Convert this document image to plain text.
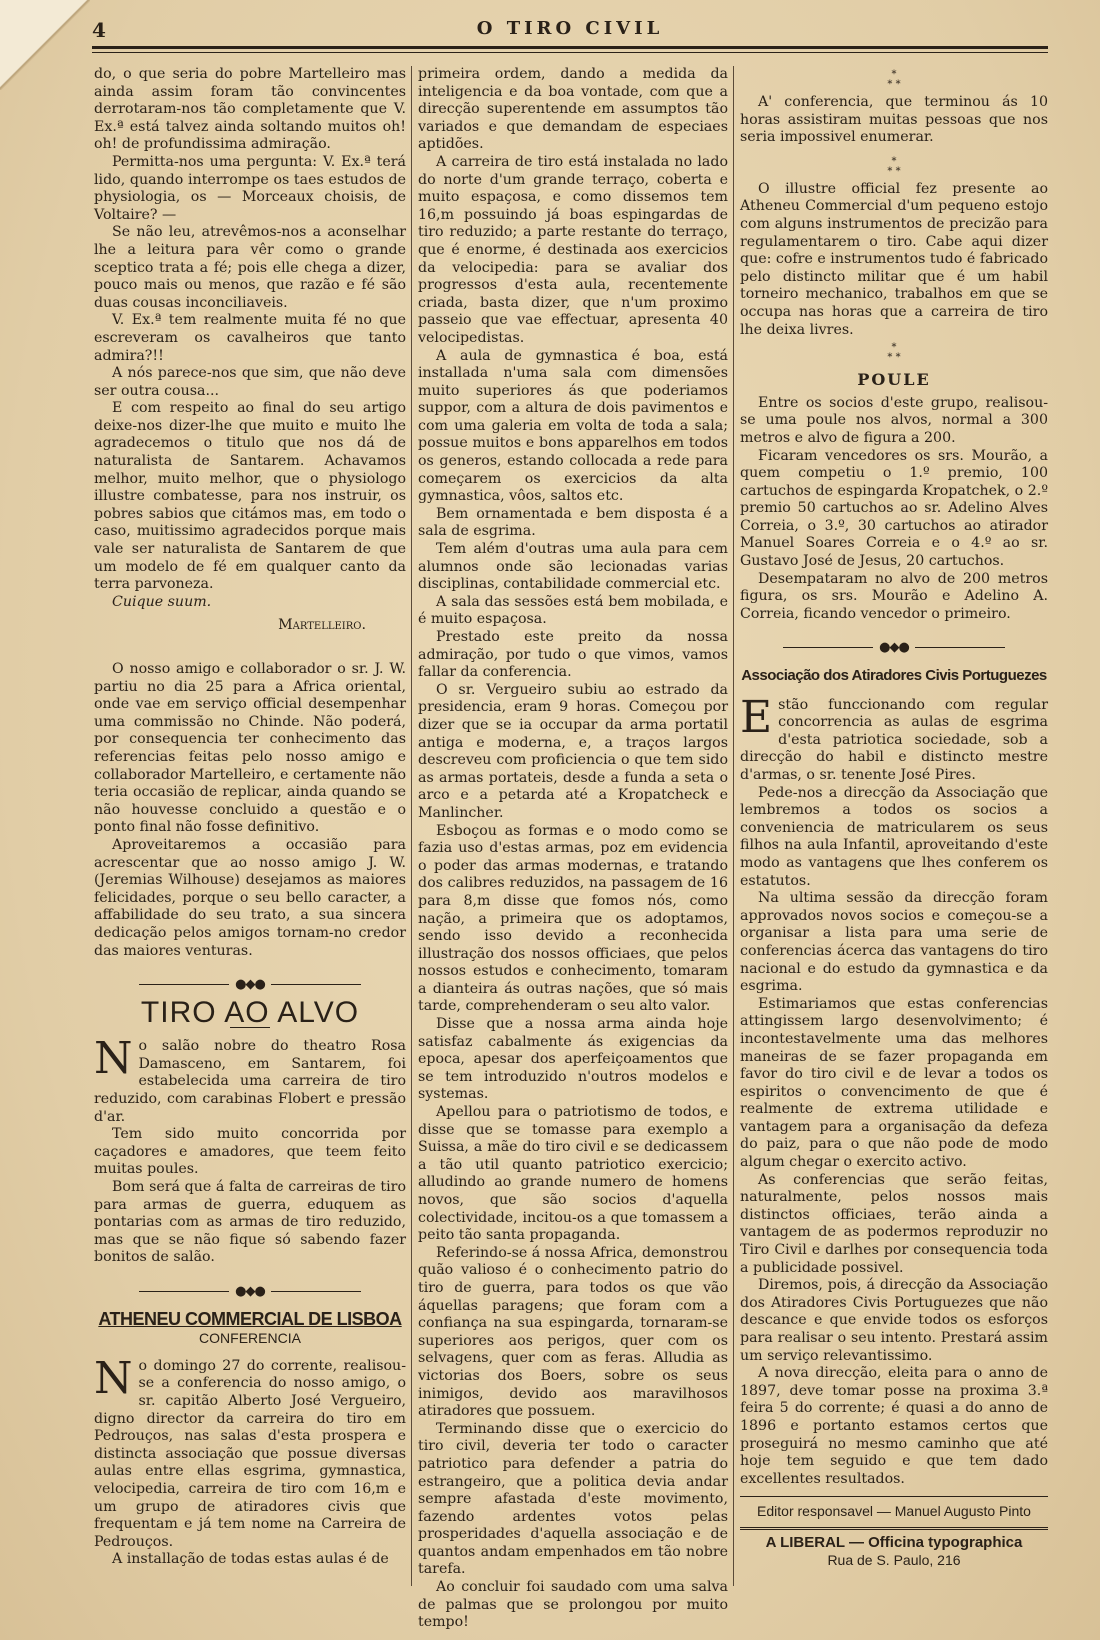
4	O TIRO CIVIL

do, o que seria do pobre Martelleiro mas ainda assim foram tão convincentes derrotaram-nos tão completamente que V. Ex.ª está talvez ainda soltando muitos oh! oh! de profundissima admiração.

Permitta-nos uma pergunta: V. Ex.ª terá lido, quando interrompe os taes estudos de physiologia, os — Morceaux choisis, de Voltaire? —

Se não leu, atrevêmos-nos a aconselhar lhe a leitura para vêr como o grande sceptico trata a fé; pois elle chega a dizer, pouco mais ou menos, que razão e fé são duas cousas inconciliaveis.

V. Ex.ª tem realmente muita fé no que escreveram os cavalheiros que tanto admira?!!

A nós parece-nos que sim, que não deve ser outra cousa...

E com respeito ao final do seu artigo deixe-nos dizer-lhe que muito e muito lhe agradecemos o titulo que nos dá de naturalista de Santarem. Achavamos melhor, muito melhor, que o physiologo illustre combatesse, para nos instruir, os pobres sabios que citámos mas, em todo o caso, muitissimo agradecidos porque mais vale ser naturalista de Santarem de que um modelo de fé em qualquer canto da terra parvoneza.

Cuique suum.

Martelleiro.

O nosso amigo e collaborador o sr. J. W. partiu no dia 25 para a Africa oriental, onde vae em serviço official desempenhar uma commissão no Chinde. Não poderá, por consequencia ter conhecimento das referencias feitas pelo nosso amigo e collaborador Martelleiro, e certamente não teria occasião de replicar, ainda quando se não houvesse concluido a questão e o ponto final não fosse definitivo.

Aproveitaremos a occasião para acrescentar que ao nosso amigo J. W. (Jeremias Wilhouse) desejamos as maiores felicidades, porque o seu bello caracter, a affabilidade do seu trato, a sua sincera dedicação pelos amigos tornam-no credor das maiores venturas.

●◆●
TIRO AO ALVO

No salão nobre do theatro Rosa Damasceno, em Santarem, foi estabelecida uma carreira de tiro reduzido, com carabinas Flobert e pressão d'ar.

Tem sido muito concorrida por caçadores e amadores, que teem feito muitas poules.

Bom será que á falta de carreiras de tiro para armas de guerra, eduquem as pontarias com as armas de tiro reduzido, mas que se não fique só sabendo fazer bonitos de salão.

●◆●
ATHENEU COMMERCIAL DE LISBOA
CONFERENCIA

No domingo 27 do corrente, realisou-se a conferencia do nosso amigo, o sr. capitão Alberto José Vergueiro, digno director da carreira do tiro em Pedrouços, nas salas d'esta prospera e distincta associação que possue diversas aulas entre ellas esgrima, gymnastica, velocipedia, carreira de tiro com 16,m e um grupo de atiradores civis que frequentam e já tem nome na Carreira de Pedrouços.

A installação de todas estas aulas é de

primeira ordem, dando a medida da inteligencia e da boa vontade, com que a direcção superentende em assumptos tão variados e que demandam de especiaes aptidões.

A carreira de tiro está instalada no lado do norte d'um grande terraço, coberta e muito espaçosa, e como dissemos tem 16,m possuindo já boas espingardas de tiro reduzido; a parte restante do terraço, que é enorme, é destinada aos exercicios da velocipedia: para se avaliar dos progressos d'esta aula, recentemente criada, basta dizer, que n'um proximo passeio que vae effectuar, apresenta 40 velocipedistas.

A aula de gymnastica é boa, está installada n'uma sala com dimensões muito superiores ás que poderiamos suppor, com a altura de dois pavimentos e com uma galeria em volta de toda a sala; possue muitos e bons apparelhos em todos os generos, estando collocada a rede para começarem os exercicios da alta gymnastica, vôos, saltos etc.

Bem ornamentada e bem disposta é a sala de esgrima.

Tem além d'outras uma aula para cem alumnos onde são lecionadas varias disciplinas, contabilidade commercial etc.

A sala das sessões está bem mobilada, e é muito espaçosa.

Prestado este preito da nossa admiração, por tudo o que vimos, vamos fallar da conferencia.

O sr. Vergueiro subiu ao estrado da presidencia, eram 9 horas. Começou por dizer que se ia occupar da arma portatil antiga e moderna, e, a traços largos descreveu com proficiencia o que tem sido as armas portateis, desde a funda a seta o arco e a petarda até a Kropatcheck e Manlincher.

Esboçou as formas e o modo como se fazia uso d'estas armas, poz em evidencia o poder das armas modernas, e tratando dos calibres reduzidos, na passagem de 16 para 8,m disse que fomos nós, como nação, a primeira que os adoptamos, sendo isso devido a reconhecida illustração dos nossos officiaes, que pelos nossos estudos e conhecimento, tomaram a dianteira ás outras nações, que só mais tarde, comprehenderam o seu alto valor.

Disse que a nossa arma ainda hoje satisfaz cabalmente ás exigencias da epoca, apesar dos aperfeiçoamentos que se tem introduzido n'outros modelos e systemas.

Apellou para o patriotismo de todos, e disse que se tomasse para exemplo a Suissa, a mãe do tiro civil e se dedicassem a tão util quanto patriotico exercicio; alludindo ao grande numero de homens novos, que são socios d'aquella colectividade, incitou-os a que tomassem a peito tão santa propaganda.

Referindo-se á nossa Africa, demonstrou quão valioso é o conhecimento patrio do tiro de guerra, para todos os que vão áquellas paragens; que foram com a confiança na sua espingarda, tornaram-se superiores aos perigos, quer com os selvagens, quer com as feras. Alludia as victorias dos Boers, sobre os seus inimigos, devido aos maravilhosos atiradores que possuem.

Terminando disse que o exercicio do tiro civil, deveria ter todo o caracter patriotico para defender a patria do estrangeiro, que a politica devia andar sempre afastada d'este movimento, fazendo ardentes votos pelas prosperidades d'aquella associação e de quantos andam empenhados em tão nobre tarefa.

Ao concluir foi saudado com uma salva de palmas que se prolongou por muito tempo!

*
* *

A' conferencia, que terminou ás 10 horas assistiram muitas pessoas que nos seria impossivel enumerar.

*
* *

O illustre official fez presente ao Atheneu Commercial d'um pequeno estojo com alguns instrumentos de precizão para regulamentarem o tiro. Cabe aqui dizer que: cofre e instrumentos tudo é fabricado pelo distincto militar que é um habil torneiro mechanico, trabalhos em que se occupa nas horas que a carreira de tiro lhe deixa livres.

*
* *
POULE

Entre os socios d'este grupo, realisou-se uma poule nos alvos, normal a 300 metros e alvo de figura a 200.

Ficaram vencedores os srs. Mourão, a quem competiu o 1.º premio, 100 cartuchos de espingarda Kropatchek, o 2.º premio 50 cartuchos ao sr. Adelino Alves Correia, o 3.º, 30 cartuchos ao atirador Manuel Soares Correia e o 4.º ao sr. Gustavo José de Jesus, 20 cartuchos.

Desempataram no alvo de 200 metros figura, os srs. Mourão e Adelino A. Correia, ficando vencedor o primeiro.

●◆●
Associação dos Atiradores Civis Portuguezes

Estão funccionando com regular concorrencia as aulas de esgrima d'esta patriotica sociedade, sob a direcção do habil e distincto mestre d'armas, o sr. tenente José Pires.

Pede-nos a direcção da Associação que lembremos a todos os socios a conveniencia de matricularem os seus filhos na aula Infantil, aproveitando d'este modo as vantagens que lhes conferem os estatutos.

Na ultima sessão da direcção foram approvados novos socios e começou-se a organisar a lista para uma serie de conferencias ácerca das vantagens do tiro nacional e do estudo da gymnastica e da esgrima.

Estimariamos que estas conferencias attingissem largo desenvolvimento; é incontestavelmente uma das melhores maneiras de se fazer propaganda em favor do tiro civil e de levar a todos os espiritos o convencimento de que é realmente de extrema utilidade e vantagem para a organisação da defeza do paiz, para o que não pode de modo algum chegar o exercito activo.

As conferencias que serão feitas, naturalmente, pelos nossos mais distinctos officiaes, terão ainda a vantagem de as podermos reproduzir no Tiro Civil e darlhes por consequencia toda a publicidade possivel.

Diremos, pois, á direcção da Associação dos Atiradores Civis Portuguezes que não descance e que envide todos os esforços para realisar o seu intento. Prestará assim um serviço relevantissimo.

A nova direcção, eleita para o anno de 1897, deve tomar posse na proxima 3.ª feira 5 do corrente; é quasi a do anno de 1896 e portanto estamos certos que proseguirá no mesmo caminho que até hoje tem seguido e que tem dado excellentes resultados.

Editor responsavel — Manuel Augusto Pinto
A LIBERAL — Officina typographica
Rua de S. Paulo, 216
